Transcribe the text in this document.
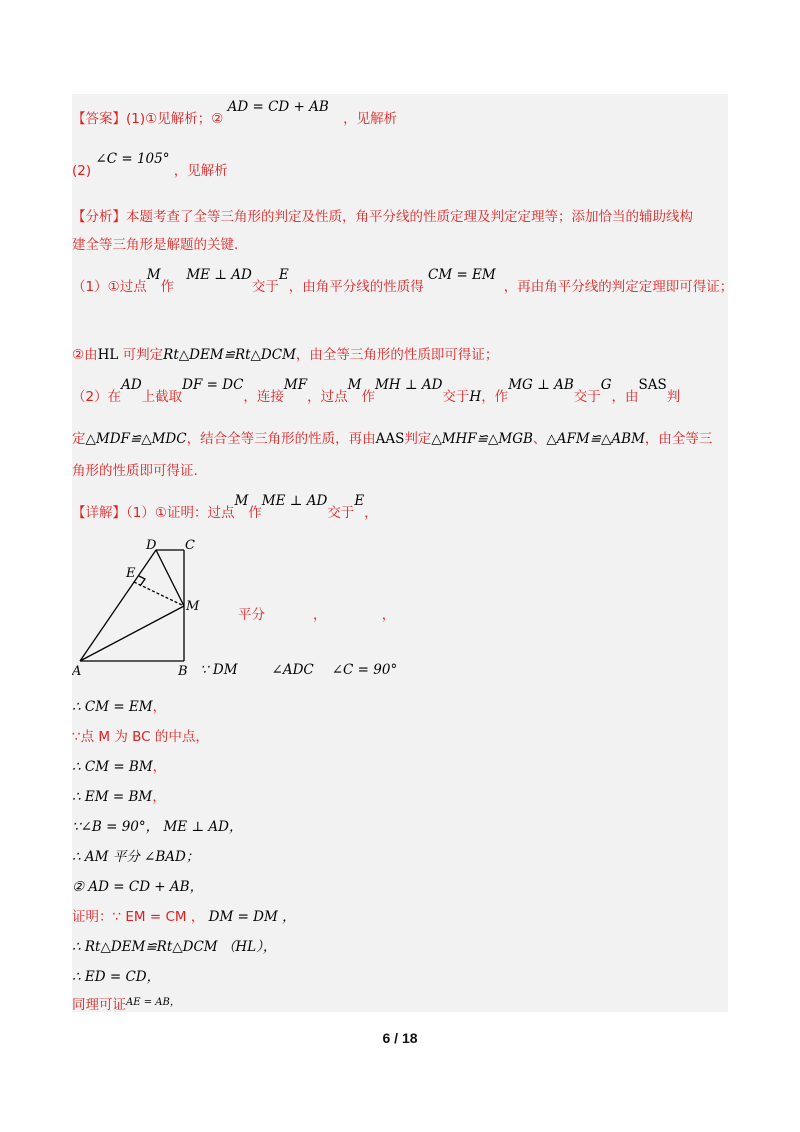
【答案】(1)①见解析；② AD = CD + AB ，见解析
(2) ∠C = 105° ，见解析
【分析】本题考查了全等三角形的判定及性质，角平分线的性质定理及判定定理等；添加恰当的辅助线构
建全等三角形是解题的关键.
（1）①过点M作 ME ⊥ AD交于E，由角平分线的性质得 CM = EM，再由角平分线的判定定理即可得证；
②由HL 可判定Rt△DEM≌Rt△DCM，由全等三角形的性质即可得证；
（2）在AD上截取DF = DC，连接MF，过点M作MH ⊥ AD交于H，作MG ⊥ AB交于G，由SAS判
定△MDF≌△MDC，结合全等三角形的性质，再由AAS判定△MHF≌△MGB、△AFM≌△ABM，由全等三
角形的性质即可得证.
【详解】（1）①证明：过点M作ME ⊥ AD交于E，
D C
E
M
A	B
平分	，	，
∵ DM	∠ADC ∠C = 90°
∴ CM = EM，
∵点 M 为 BC 的中点，
∴ CM = BM，
∴ EM = BM，
∵∠B = 90°， ME ⊥ AD，
∴ AM 平分 ∠BAD；
② AD = CD + AB，
证明：∵ EM = CM ， DM = DM ，
∴ Rt△DEM≌Rt△DCM （HL），
∴ ED = CD，
同理可证$^{AE = AB,}$
6 / 18
